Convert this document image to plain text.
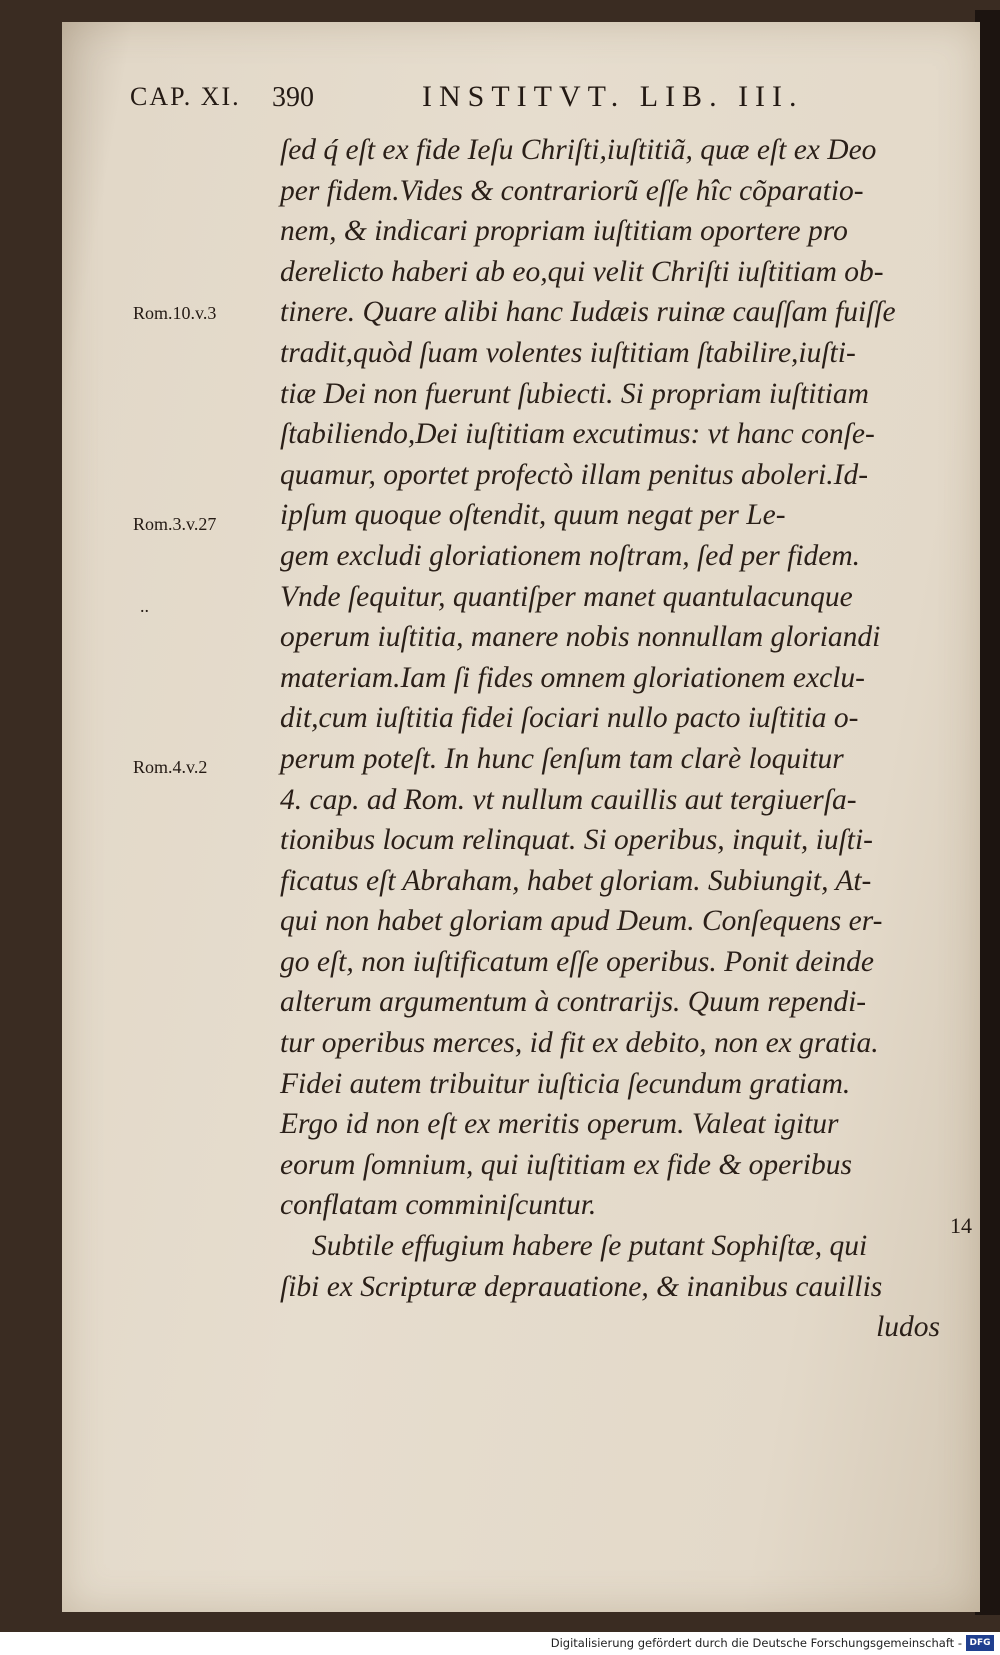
CAP. XI. 390	INSTITVT. LIB. III.
Rom.10.v.3
Rom.3.v.27
..
Rom.4.v.2
14
ſed q́ eſt ex fide Ieſu Chriſti,iuſtitiã, quæ eſt ex Deo
per fidem.Vides & contrariorũ eſſe hîc cõparatio-
nem, & indicari propriam iuſtitiam oportere pro
derelicto haberi ab eo,qui velit Chriſti iuſtitiam ob-
tinere. Quare alibi hanc Iudæis ruinæ cauſſam fuiſſe
tradit,quòd ſuam volentes iuſtitiam ſtabilire,iuſti-
tiæ Dei non fuerunt ſubiecti. Si propriam iuſtitiam
ſtabiliendo,Dei iuſtitiam excutimus: vt hanc conſe-
quamur, oportet profectò illam penitus aboleri.Id-
ipſum quoque oſtendit, quum negat per Le-
gem excludi gloriationem noſtram, ſed per fidem.
Vnde ſequitur, quantiſper manet quantulacunque
operum iuſtitia, manere nobis nonnullam gloriandi
materiam.Iam ſi fides omnem gloriationem exclu-
dit,cum iuſtitia fidei ſociari nullo pacto iuſtitia o-
perum poteſt. In hunc ſenſum tam clarè loquitur
4. cap. ad Rom. vt nullum cauillis aut tergiuerſa-
tionibus locum relinquat. Si operibus, inquit, iuſti-
ficatus eſt Abraham, habet gloriam. Subiungit, At-
qui non habet gloriam apud Deum. Conſequens er-
go eſt, non iuſtificatum eſſe operibus. Ponit deinde
alterum argumentum à contrarijs. Quum rependi-
tur operibus merces, id fit ex debito, non ex gratia.
Fidei autem tribuitur iuſticia ſecundum gratiam.
Ergo id non eſt ex meritis operum. Valeat igitur
eorum ſomnium, qui iuſtitiam ex fide & operibus
conflatam comminiſcuntur.
Subtile effugium habere ſe putant Sophiſtæ, qui
ſibi ex Scripturæ deprauatione, & inanibus cauillis
ludos
Digitalisierung gefördert durch die Deutsche Forschungsgemeinschaft - DFG
